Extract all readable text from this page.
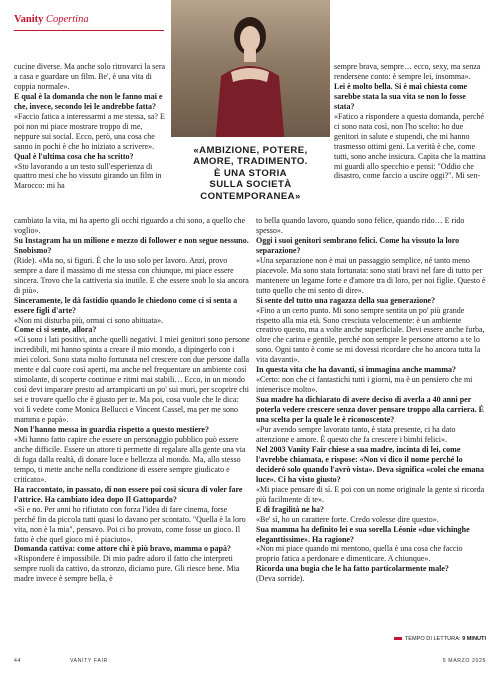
Vanity Copertina
«AMBIZIONE, POTERE,
AMORE, TRADIMENTO.
È UNA STORIA
SULLA SOCIETÀ
CONTEMPORANEA»

cucine diverse. Ma anche solo ritrovarci la sera a casa e guardare un film. Be', è una vita di coppia normale».

E qual è la domanda che non le fanno mai e che, invece, secondo lei le andrebbe fatta?

«Faccio fatica a interessarmi a me stessa, sa? E poi non mi piace mostrare troppo di me, neppure sui social. Ecco, però, una cosa che sanno in pochi è che ho iniziato a scrivere».

Qual è l'ultima cosa che ha scritto?

«Sto lavorando a un testo sull'esperienza di quattro mesi che ho vissuto girando un film in Marocco: mi ha

cambiato la vita, mi ha aperto gli occhi riguardo a chi sono, a quello che voglio».

Su Instagram ha un milione e mezzo di follower e non segue nessuno. Snobismo?

(Ride). «Ma no, si figuri. È che lo uso solo per lavoro. Anzi, provo sempre a dare il massimo di me stessa con chiunque, mi piace essere sincera. Trovo che la cattiveria sia inutile. E che essere snob lo sia ancora di più».

Sinceramente, le dà fastidio quando le chiedono come ci si senta a essere figli d'arte?

«Non mi disturba più, ormai ci sono abituata».

Come ci si sente, allora?

«Ci sono i lati positivi, anche quelli negativi. I miei genitori sono persone incredibili, mi hanno spinta a creare il mio mondo, a dipingerlo con i miei colori. Sono stata molto fortunata nel crescere con due persone dalla mente e dal cuore così aperti, ma anche nel frequentare un ambiente così stimolante, di scoperte continue e ritmi mai stabili… Ecco, in un mondo così devi imparare presto ad arrampicarti un po' sui muri, per scoprire chi sei e trovare quello che è giusto per te. Ma poi, cosa vuole che le dica: voi lì vedete come Monica Bellucci e Vincent Cassel, ma per me sono mamma e papà».

Non l'hanno messa in guardia rispetto a questo mestiere?

«Mi hanno fatto capire che essere un personaggio pubblico può essere anche difficile. Essere un attore ti permette di regalare alla gente una via di fuga dalla realtà, di donare luce e bellezza al mondo. Ma, allo stesso tempo, ti mette anche nella condizione di essere sempre giudicato e criticato».

Ha raccontato, in passato, di non essere poi così sicura di voler fare l'attrice. Ha cambiato idea dopo Il Gattopardo?

«Sì e no. Per anni ho rifiutato con forza l'idea di fare cinema, forse perché fin da piccola tutti quasi lo davano per scontato. "Quella è la loro vita, non è la mia", pensavo. Poi ci ho provato, come fosse un gioco. Il fatto è che quel gioco mi è piaciuto».

Domanda cattiva: come attore chi è più bravo, mamma o papà?

«Rispondere è impossibile. Di mio padre adoro il fatto che interpreti sempre ruoli da cattivo, da stronzo, diciamo pure. Gli riesce bene. Mia madre invece è sempre bella, è

sempre brava, sempre… ecco, sexy, ma senza rendersene conto: è sempre lei, insomma».

Lei è molto bella. Si è mai chiesta come sarebbe stata la sua vita se non lo fosse stata?

«Fatico a rispondere a questa domanda, perché ci sono nata così, non l'ho scelto: ho due genitori in salute e stupendi, che mi hanno trasmesso ottimi geni. La verità è che, come tutti, sono anche insicura. Capita che la mattina mi guardi allo specchio e pensi: "Oddio che disastro, come faccio a uscire oggi?". Mi sen-

to bella quando lavoro, quando sono felice, quando rido… E rido spesso».

Oggi i suoi genitori sembrano felici. Come ha vissuto la loro separazione?

«Una separazione non è mai un passaggio semplice, né tanto meno piacevole. Ma sono stata fortunata: sono stati bravi nel fare di tutto per mantenere un legame forte e d'amore tra di loro, per noi figlie. Questo è tutto quello che mi sento di dire».

Si sente del tutto una ragazza della sua generazione?

«Fino a un certo punto. Mi sono sempre sentita un po' più grande rispetto alla mia età. Sono cresciuta velocemente: è un ambiente creativo questo, ma a volte anche superficiale. Devi essere anche furba, oltre che carina e gentile, perché non sempre le persone attorno a te lo sono. Ogni tanto è come se mi dovessi ricordare che ho ancora tutta la vita davanti».

In questa vita che ha davanti, si immagina anche mamma?

«Certo: non che ci fantastichi tutti i giorni, ma è un pensiero che mi intenerisce molto».

Sua madre ha dichiarato di avere deciso di averla a 40 anni per poterla vedere crescere senza dover pensare troppo alla carriera. È una scelta per la quale le è riconoscente?

«Pur avendo sempre lavorato tanto, è stata presente, ci ha dato attenzione e amore. È questo che fa crescere i bimbi felici».

Nel 2003 Vanity Fair chiese a sua madre, incinta di lei, come l'avrebbe chiamata, e rispose: «Non vi dico il nome perché lo decideró solo quando l'avrò vista». Deva significa «colei che emana luce». Ci ha visto giusto?

«Mi piace pensare di sì. E poi con un nome originale la gente si ricorda più facilmente di te».

E di fragilità ne ha?

«Be' sì, ho un carattere forte. Credo volesse dire questo».

Sua mamma ha definito lei e sua sorella Léonie «due vichinghe eleganttissime». Ha ragione?

«Non mi piace quando mi mentono, quella è una cosa che faccio proprio fatica a perdonare e dimenticare. A chiunque».

Ricorda una bugia che le ha fatto particolarmente male?

(Deva sorride).

TEMPO DI LETTURA: 9 MINUTI
44	VANITY FAIR	5 MARZO 2025
